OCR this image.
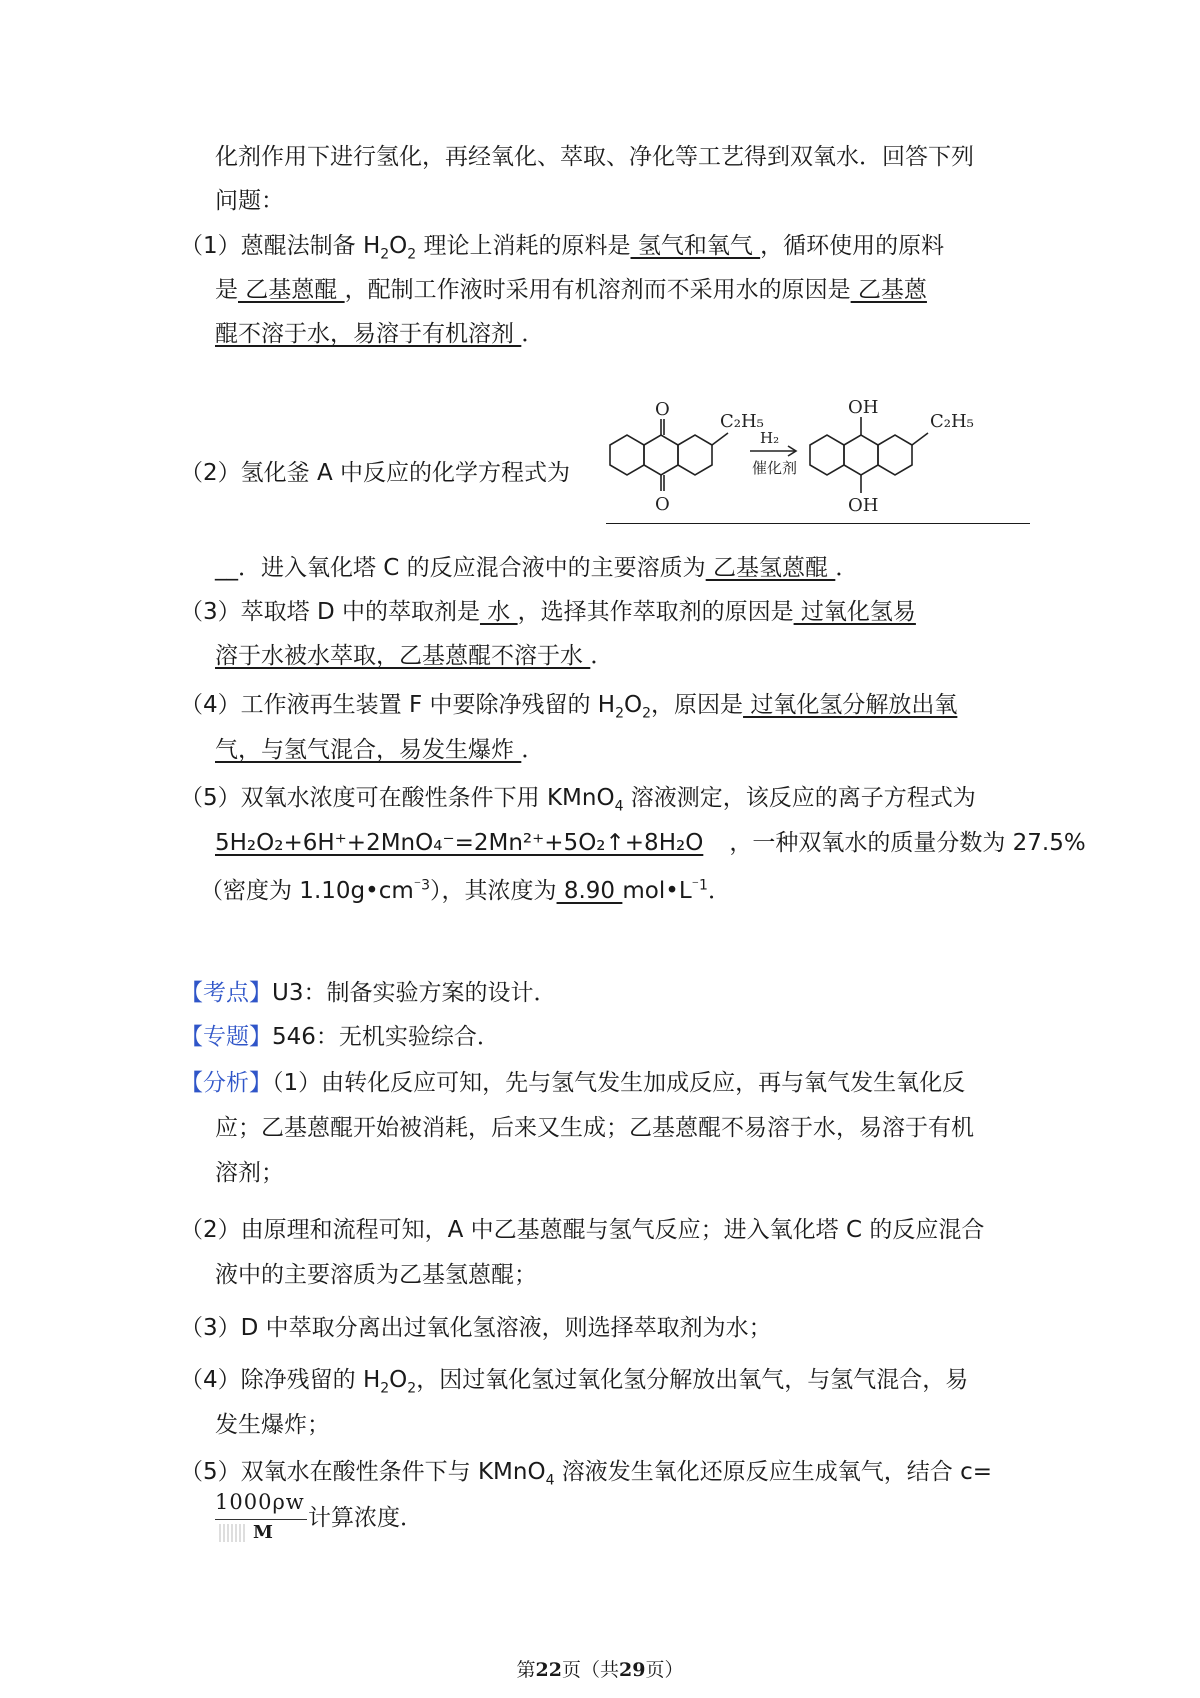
化剂作用下进行氢化，再经氧化、萃取、净化等工艺得到双氧水．回答下列
问题：
（1）蒽醌法制备 $H_2O_2$ 理论上消耗的原料是 氢气和氧气 ，循环使用的原料
是 乙基蒽醌 ，配制工作液时采用有机溶剂而不采用水的原因是 乙基蒽
醌不溶于水，易溶于有机溶剂 ．
O
O
C₂H₅
H₂
催化剂
OH
OH
C₂H₅
（2）氢化釜 A 中反应的化学方程式为
__．进入氧化塔 C 的反应混合液中的主要溶质为 乙基氢蒽醌 ．
（3）萃取塔 D 中的萃取剂是 水 ，选择其作萃取剂的原因是 过氧化氢易
溶于水被水萃取，乙基蒽醌不溶于水 ．
（4）工作液再生装置 F 中要除净残留的 $H_2O_2$，原因是 过氧化氢分解放出氧
气，与氢气混合，易发生爆炸 ．
（5）双氧水浓度可在酸性条件下用 KMnO$_4$ 溶液测定，该反应的离子方程式为
5H₂O₂+6H⁺+2MnO₄⁻=2Mn²⁺+5O₂↑+8H₂O ，一种双氧水的质量分数为 27.5%
（密度为 $1.10g•cm^{^-3}$），其浓度为 8.90 $mol•L^{^-1}$．
【考点】U3：制备实验方案的设计．
【专题】546：无机实验综合．
【分析】（1）由转化反应可知，先与氢气发生加成反应，再与氧气发生氧化反
应；乙基蒽醌开始被消耗，后来又生成；乙基蒽醌不易溶于水，易溶于有机
溶剂；
（2）由原理和流程可知，A 中乙基蒽醌与氢气反应；进入氧化塔 C 的反应混合
液中的主要溶质为乙基氢蒽醌；
（3）D 中萃取分离出过氧化氢溶液，则选择萃取剂为水；
（4）除净残留的 $H_2O_2$，因过氧化氢过氧化氢分解放出氧气，与氢气混合，易
发生爆炸；
（5）双氧水在酸性条件下与 KMnO$_4$ 溶液发生氧化还原反应生成氧气，结合 c=
1000ρw
M
计算浓度．
第22页（共29页）
